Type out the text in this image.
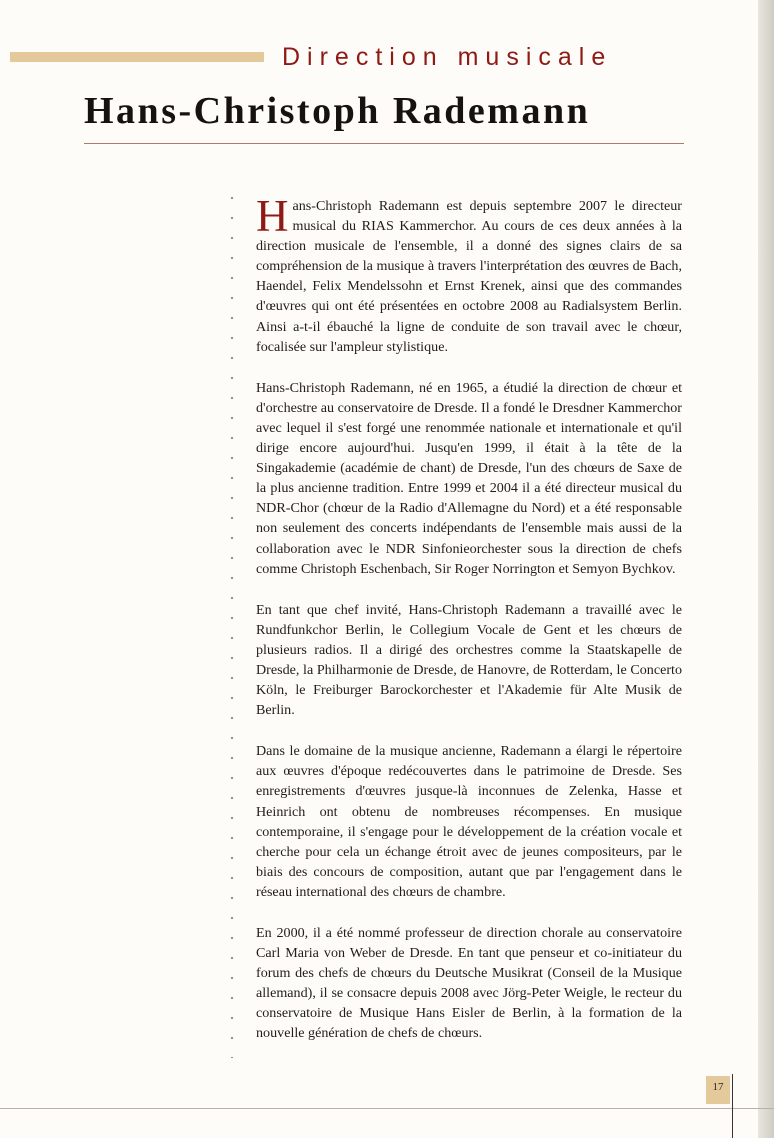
Direction musicale
Hans-Christoph Rademann

Hans-Christoph Rademann est depuis septembre 2007 le directeur musical du RIAS Kammerchor. Au cours de ces deux années à la direction musicale de l'ensemble, il a donné des signes clairs de sa compréhension de la musique à travers l'interprétation des œuvres de Bach, Haendel, Felix Mendelssohn et Ernst Krenek, ainsi que des commandes d'œuvres qui ont été présentées en octobre 2008 au Radialsystem Berlin. Ainsi a-t-il ébauché la ligne de conduite de son travail avec le chœur, focalisée sur l'ampleur stylistique.

Hans-Christoph Rademann, né en 1965, a étudié la direction de chœur et d'orchestre au conservatoire de Dresde. Il a fondé le Dresdner Kammerchor avec lequel il s'est forgé une renommée nationale et internationale et qu'il dirige encore aujourd'hui. Jusqu'en 1999, il était à la tête de la Singakademie (académie de chant) de Dresde, l'un des chœurs de Saxe de la plus ancienne tradition. Entre 1999 et 2004 il a été directeur musical du NDR-Chor (chœur de la Radio d'Allemagne du Nord) et a été responsable non seulement des concerts indépendants de l'ensemble mais aussi de la collaboration avec le NDR Sinfonieorchester sous la direction de chefs comme Christoph Eschenbach, Sir Roger Norrington et Semyon Bychkov.

En tant que chef invité, Hans-Christoph Rademann a travaillé avec le Rundfunkchor Berlin, le Collegium Vocale de Gent et les chœurs de plusieurs radios. Il a dirigé des orchestres comme la Staatskapelle de Dresde, la Philharmonie de Dresde, de Hanovre, de Rotterdam, le Concerto Köln, le Freiburger Barockorchester et l'Akademie für Alte Musik de Berlin.

Dans le domaine de la musique ancienne, Rademann a élargi le répertoire aux œuvres d'époque redécouvertes dans le patrimoine de Dresde. Ses enregistrements d'œuvres jusque-là inconnues de Zelenka, Hasse et Heinrich ont obtenu de nombreuses récompenses. En musique contemporaine, il s'engage pour le développement de la création vocale et cherche pour cela un échange étroit avec de jeunes compositeurs, par le biais des concours de composition, autant que par l'engagement dans le réseau international des chœurs de chambre.

En 2000, il a été nommé professeur de direction chorale au conservatoire Carl Maria von Weber de Dresde. En tant que penseur et co-initiateur du forum des chefs de chœurs du Deutsche Musikrat (Conseil de la Musique allemand), il se consacre depuis 2008 avec Jörg-Peter Weigle, le recteur du conservatoire de Musique Hans Eisler de Berlin, à la formation de la nouvelle génération de chefs de chœurs.

17
